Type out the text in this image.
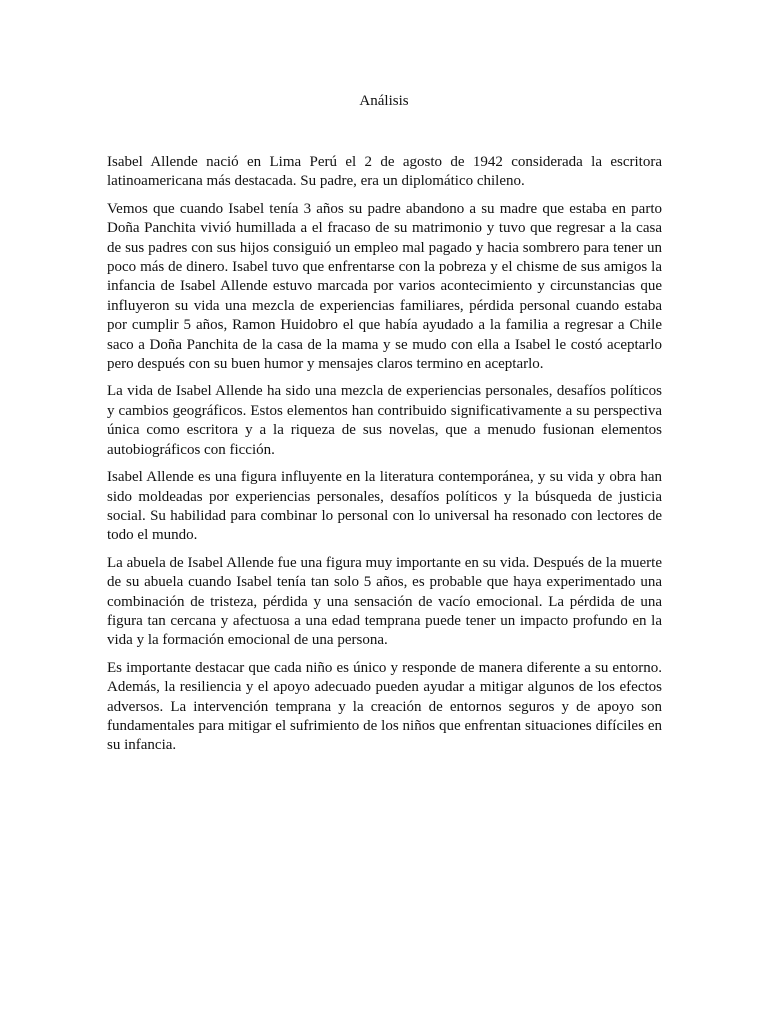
Análisis

Isabel Allende nació en Lima Perú el 2 de agosto de 1942 considerada la escritora latinoamericana más destacada. Su padre, era un diplomático chileno.

Vemos que cuando Isabel tenía 3 años su padre abandono a su madre que estaba en parto Doña Panchita vivió humillada a el fracaso de su matrimonio y tuvo que regresar a la casa de sus padres con sus hijos consiguió un empleo mal pagado y hacia sombrero para tener un poco más de dinero. Isabel tuvo que enfrentarse con la pobreza y el chisme de sus amigos la infancia de Isabel Allende estuvo marcada por varios acontecimiento y circunstancias que influyeron su vida una mezcla de experiencias familiares, pérdida personal cuando estaba por cumplir 5 años, Ramon Huidobro el que había ayudado a la familia a regresar a Chile saco a Doña Panchita de la casa de la mama y se mudo con ella a Isabel le costó aceptarlo pero después con su buen humor y mensajes claros termino en aceptarlo.

La vida de Isabel Allende ha sido una mezcla de experiencias personales, desafíos políticos y cambios geográficos. Estos elementos han contribuido significativamente a su perspectiva única como escritora y a la riqueza de sus novelas, que a menudo fusionan elementos autobiográficos con ficción.

Isabel Allende es una figura influyente en la literatura contemporánea, y su vida y obra han sido moldeadas por experiencias personales, desafíos políticos y la búsqueda de justicia social. Su habilidad para combinar lo personal con lo universal ha resonado con lectores de todo el mundo.

La abuela de Isabel Allende fue una figura muy importante en su vida. Después de la muerte de su abuela cuando Isabel tenía tan solo 5 años, es probable que haya experimentado una combinación de tristeza, pérdida y una sensación de vacío emocional. La pérdida de una figura tan cercana y afectuosa a una edad temprana puede tener un impacto profundo en la vida y la formación emocional de una persona.

Es importante destacar que cada niño es único y responde de manera diferente a su entorno. Además, la resiliencia y el apoyo adecuado pueden ayudar a mitigar algunos de los efectos adversos. La intervención temprana y la creación de entornos seguros y de apoyo son fundamentales para mitigar el sufrimiento de los niños que enfrentan situaciones difíciles en su infancia.
